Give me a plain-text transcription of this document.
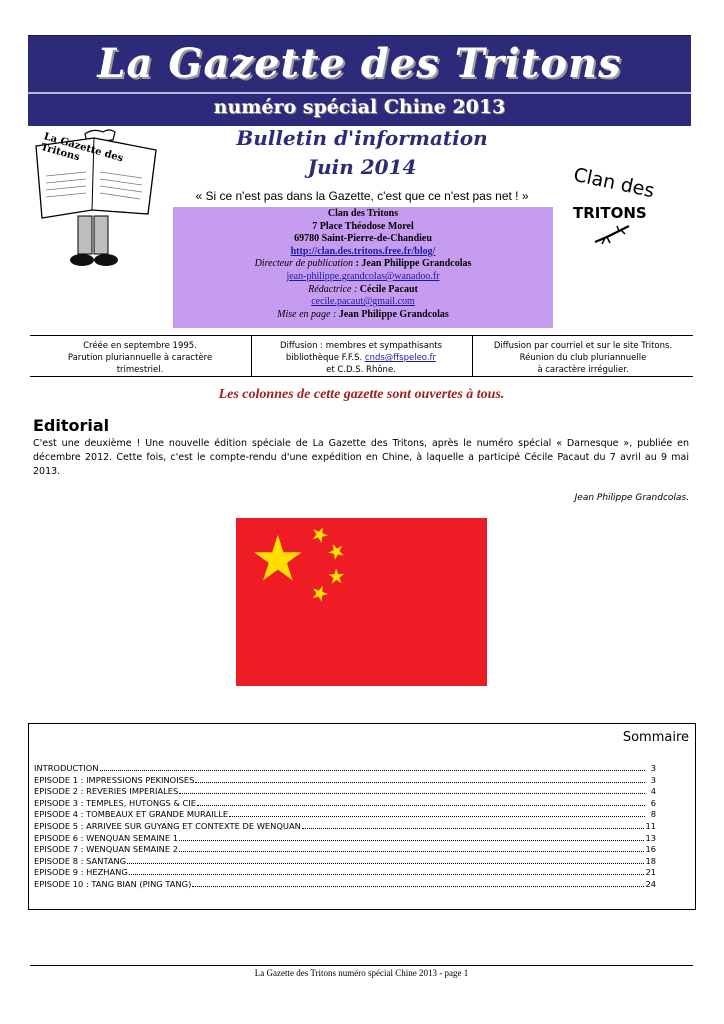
La Gazette des Tritons
numéro spécial Chine 2013
La Gazette des Tritons
Bulletin d'information
Juin 2014
« Si ce n'est pas dans la Gazette, c'est que ce n'est pas net ! »
Clan des Tritons
7 Place Théodose Morel
69780 Saint-Pierre-de-Chandieu
http://clan.des.tritons.free.fr/blog/
Directeur de publication : Jean Philippe Grandcolas
jean-philippe.grandcolas@wanadoo.fr
Rédactrice : Cécile Pacaut
cecile.pacaut@gmail.com
Mise en page : Jean Philippe Grandcolas
Clan des
TRITONS
Créée en septembre 1995.
Parution pluriannuelle à caractère
trimestriel.
Diffusion : membres et sympathisants
bibliothèque F.F.S. cnds@ffspeleo.fr
et C.D.S. Rhône.
Diffusion par courriel et sur le site Tritons.
Réunion du club pluriannuelle
à caractère irrégulier.
Les colonnes de cette gazette sont ouvertes à tous.
Editorial
C'est une deuxième ! Une nouvelle édition spéciale de La Gazette des Tritons, après le numéro spécial « Darnesque », publiée en décembre 2012. Cette fois, c'est le compte-rendu d'une expédition en Chine, à laquelle a participé Cécile Pacaut du 7 avril au 9 mai 2013.
Jean Philippe Grandcolas.
Sommaire
INTRODUCTION	3
EPISODE 1 : IMPRESSIONS PEKINOISES	3
EPISODE 2 : REVERIES IMPERIALES	4
EPISODE 3 : TEMPLES, HUTONGS & CIE	6
EPISODE 4 : TOMBEAUX ET GRANDE MURAILLE	8
EPISODE 5 : ARRIVEE SUR GUYANG ET CONTEXTE DE WENQUAN	11
EPISODE 6 : WENQUAN SEMAINE 1	13
EPISODE 7 : WENQUAN SEMAINE 2	16
EPISODE 8 : SANTANG	18
EPISODE 9 : HEZHANG	21
EPISODE 10 : TANG BIAN (PING TANG)	24
La Gazette des Tritons numéro spécial Chine 2013 - page 1
